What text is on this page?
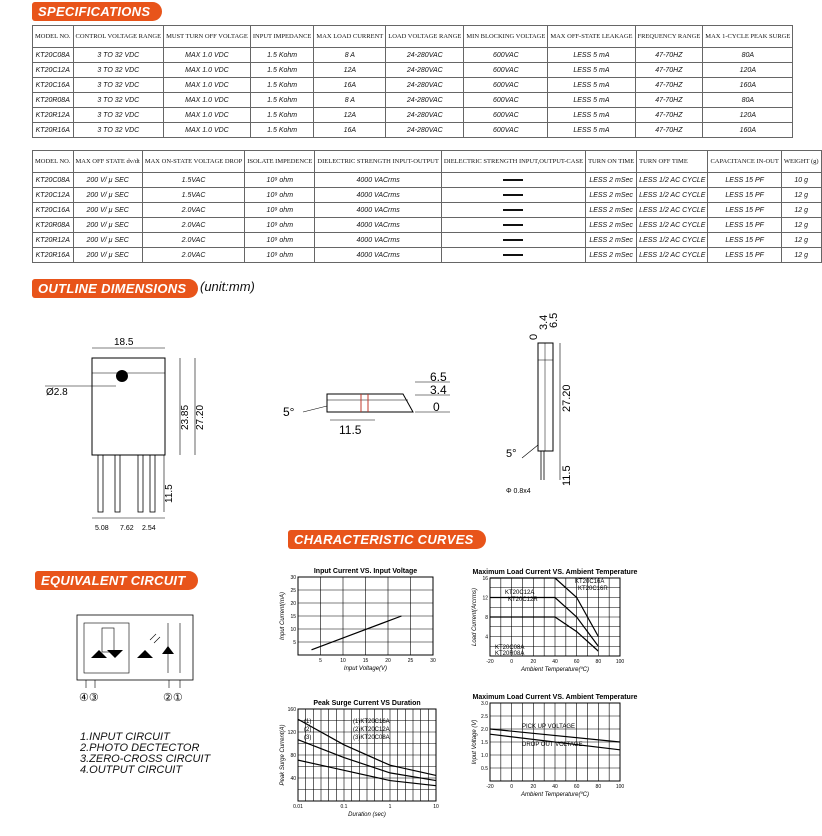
SPECIFICATIONS
OUTLINE DIMENSIONS	(unit:mm)
CHARACTERISTIC CURVES
EQUIVALENT CIRCUIT
MODEL NO.	CONTROL VOLTAGE RANGE	MUST TURN OFF VOLTAGE	INPUT IMPEDANCE	MAX LOAD CURRENT	LOAD VOLTAGE RANGE	MIN BLOCKING VOLTAGE	MAX OFF-STATE LEAKAGE	FREQUENCY RANGE	MAX 1-CYCLE PEAK SURGE
KT20C08A	3 TO 32 VDC	MAX 1.0 VDC	1.5 Kohm	8 A	24-280VAC	600VAC	LESS 5 mA	47-70HZ	80A
KT20C12A	3 TO 32 VDC	MAX 1.0 VDC	1.5 Kohm	12A	24-280VAC	600VAC	LESS 5 mA	47-70HZ	120A
KT20C16A	3 TO 32 VDC	MAX 1.0 VDC	1.5 Kohm	16A	24-280VAC	600VAC	LESS 5 mA	47-70HZ	160A
KT20R08A	3 TO 32 VDC	MAX 1.0 VDC	1.5 Kohm	8 A	24-280VAC	600VAC	LESS 5 mA	47-70HZ	80A
KT20R12A	3 TO 32 VDC	MAX 1.0 VDC	1.5 Kohm	12A	24-280VAC	600VAC	LESS 5 mA	47-70HZ	120A
KT20R16A	3 TO 32 VDC	MAX 1.0 VDC	1.5 Kohm	16A	24-280VAC	600VAC	LESS 5 mA	47-70HZ	160A
MODEL NO.	MAX OFF STATE dv/dt	MAX ON-STATE VOLTAGE DROP	ISOLATE IMPEDENCE	DIELECTRIC STRENGTH INPUT-OUTPUT	DIELECTRIC STRENGTH INPUT,OUTPUT-CASE	TURN ON TIME	TURN OFF TIME	CAPACITANCE IN-OUT	WEIGHT (g)
KT20C08A	200 V/ μ SEC	1.5VAC	10⁹ ohm	4000 VACrms		LESS 2 mSec	LESS 1/2 AC CYCLE	LESS 15 PF	10 g
KT20C12A	200 V/ μ SEC	1.5VAC	10⁹ ohm	4000 VACrms		LESS 2 mSec	LESS 1/2 AC CYCLE	LESS 15 PF	12 g
KT20C16A	200 V/ μ SEC	2.0VAC	10⁹ ohm	4000 VACrms		LESS 2 mSec	LESS 1/2 AC CYCLE	LESS 15 PF	12 g
KT20R08A	200 V/ μ SEC	2.0VAC	10⁹ ohm	4000 VACrms		LESS 2 mSec	LESS 1/2 AC CYCLE	LESS 15 PF	12 g
KT20R12A	200 V/ μ SEC	2.0VAC	10⁹ ohm	4000 VACrms		LESS 2 mSec	LESS 1/2 AC CYCLE	LESS 15 PF	12 g
KT20R16A	200 V/ μ SEC	2.0VAC	10⁹ ohm	4000 VACrms		LESS 2 mSec	LESS 1/2 AC CYCLE	LESS 15 PF	12 g
18.5
Ø2.8
23.85 27.20
11.5
5.08 7.62 2.54
5°
6.5
3.4
0
11.5
0
3.4
6.5
27.20
5°
11.5
Φ 0.8x4
④③	②①
1.INPUT CIRCUIT
2.PHOTO DECTECTOR
3.ZERO-CROSS CIRCUIT
4.OUTPUT CIRCUIT
Input Current VS. Input Voltage
5	10	15	20	25	30
5
10
15
20
25
30
Input Voltage(V)
Input Current(mA)
Maximum Load Current VS. Ambient Temperature
-20	0	20	40	60	80	100
4
8
12
16
Ambient Temperature(ºC)
Load Current(Arcrms)
KT20C16A
KT20C16R
KT20C12A
KT20C12R
KT20C08A
KT20R08A
Peak Surge Current VS Duration
0.01	0.1	1	10
40
80
120
160
Duration (sec)
Peak Surge Current(A)
(1)KT20C16A
(2)KT20C12A
(3)KT20C08A
(1)
(2)
(3)
Maximum Load Current VS. Ambient Temperature
-20	0	20	40	60	80	100
0.5
1.0
1.5
2.0
2.5
3.0
Ambient Temperature(ºC)
Input Voltage (V)	PICK UP VOLTAGE
DROP OUT VOLTAGE
